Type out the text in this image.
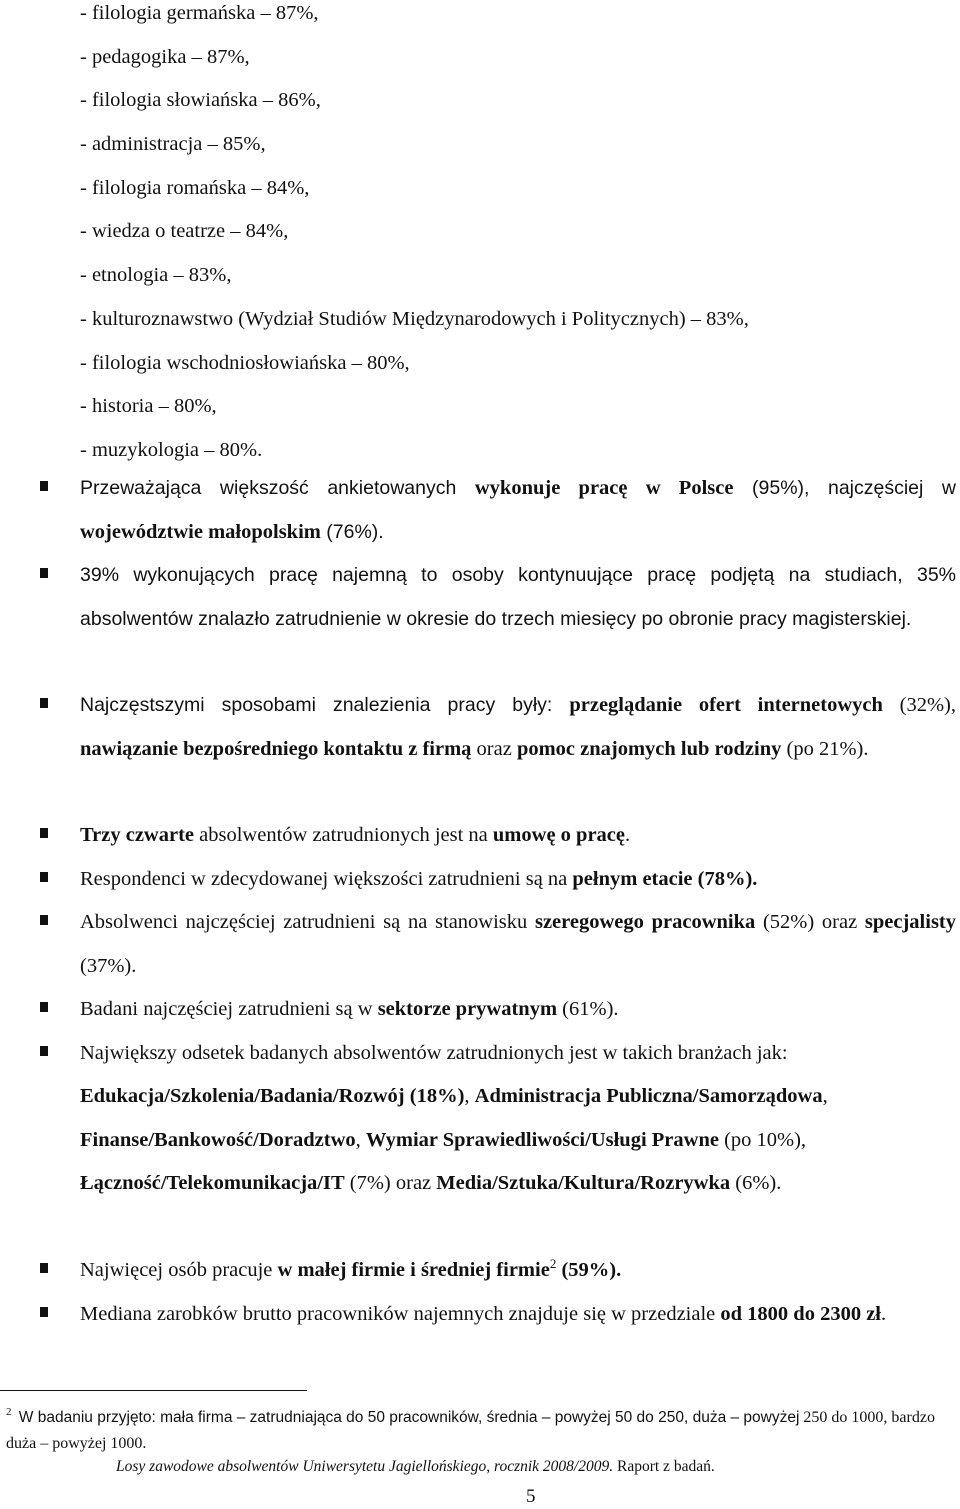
- filologia germańska – 87%,
- pedagogika – 87%,
- filologia słowiańska – 86%,
- administracja – 85%,
- filologia romańska – 84%,
- wiedza o teatrze – 84%,
- etnologia – 83%,
- kulturoznawstwo (Wydział Studiów Międzynarodowych i Politycznych) – 83%,
- filologia wschodniosłowiańska – 80%,
- historia – 80%,
- muzykologia – 80%.
Przeważająca większość ankietowanych wykonuje pracę w Polsce (95%), najczęściej w województwie małopolskim (76%).
39% wykonujących pracę najemną to osoby kontynuujące pracę podjętą na studiach, 35% absolwentów znalazło zatrudnienie w okresie do trzech miesięcy po obronie pracy magisterskiej.
Najczęstszymi sposobami znalezienia pracy były: przeglądanie ofert internetowych (32%), nawiązanie bezpośredniego kontaktu z firmą oraz pomoc znajomych lub rodziny (po 21%).
Trzy czwarte absolwentów zatrudnionych jest na umowę o pracę.
Respondenci w zdecydowanej większości zatrudnieni są na pełnym etacie (78%).
Absolwenci najczęściej zatrudnieni są na stanowisku szeregowego pracownika (52%) oraz specjalisty (37%).
Badani najczęściej zatrudnieni są w sektorze prywatnym (61%).
Największy odsetek badanych absolwentów zatrudnionych jest w takich branżach jak: Edukacja/Szkolenia/Badania/Rozwój (18%), Administracja Publiczna/Samorządowa, Finanse/Bankowość/Doradztwo, Wymiar Sprawiedliwości/Usługi Prawne (po 10%), Łączność/Telekomunikacja/IT (7%) oraz Media/Sztuka/Kultura/Rozrywka (6%).
Najwięcej osób pracuje w małej firmie i średniej firmie$^2$ (59%).
Mediana zarobków brutto pracowników najemnych znajduje się w przedziale od 1800 do 2300 zł.
$^2$ W badaniu przyjęto: mała firma – zatrudniająca do 50 pracowników, średnia – powyżej 50 do 250, duża – powyżej 250 do 1000, bardzo duża – powyżej 1000.
Losy zawodowe absolwentów Uniwersytetu Jagiellońskiego, rocznik 2008/2009. Raport z badań.
5
